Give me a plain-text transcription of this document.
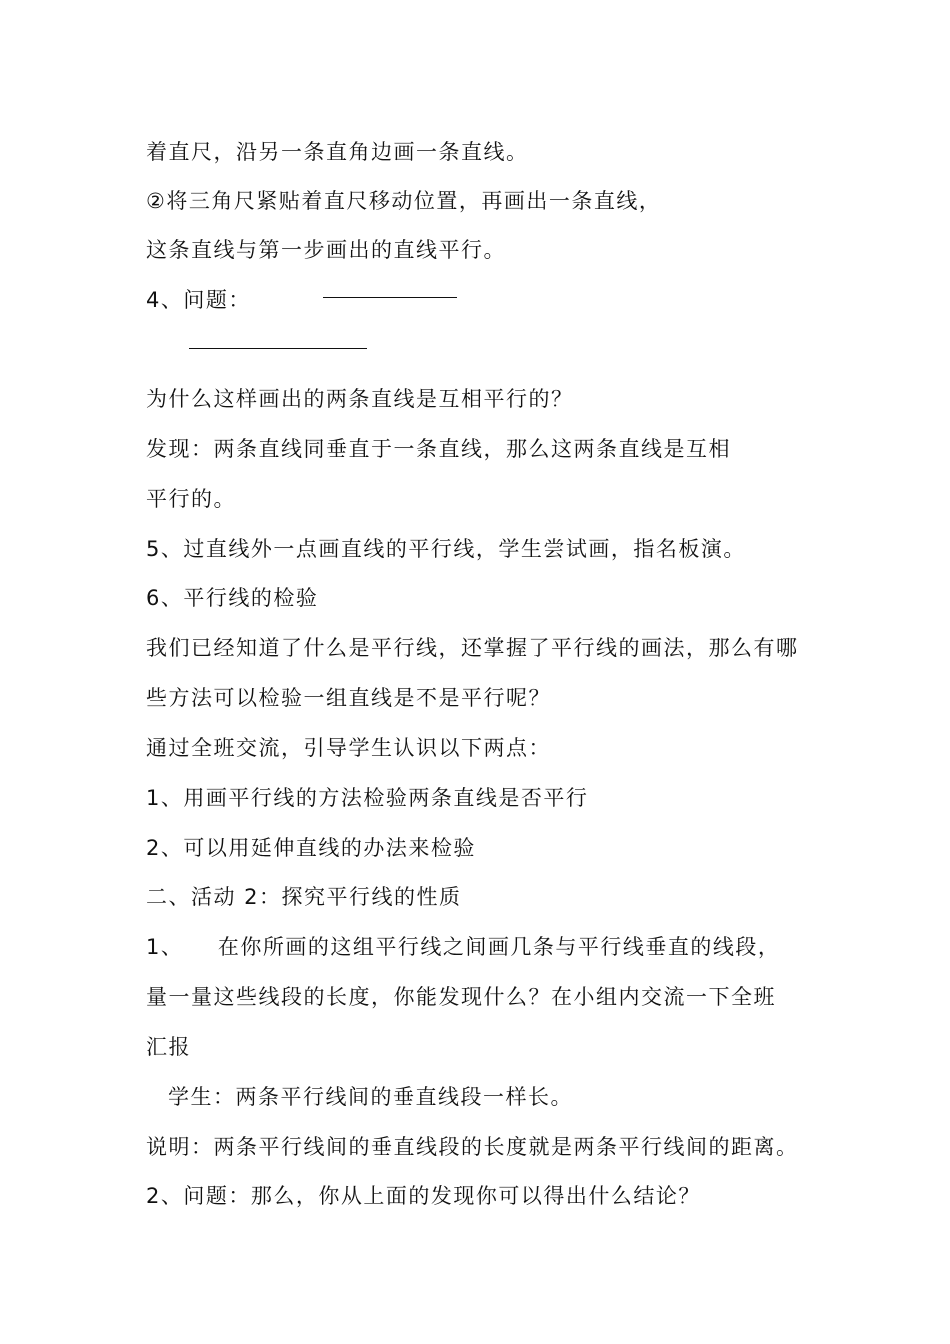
着直尺，沿另一条直角边画一条直线。
②将三角尺紧贴着直尺移动位置，再画出一条直线，
这条直线与第一步画出的直线平行。
4、问题：
为什么这样画出的两条直线是互相平行的？
发现：两条直线同垂直于一条直线，那么这两条直线是互相
平行的。
5、过直线外一点画直线的平行线，学生尝试画，指名板演。
6、平行线的检验
我们已经知道了什么是平行线，还掌握了平行线的画法，那么有哪
些方法可以检验一组直线是不是平行呢？
通过全班交流，引导学生认识以下两点：
1、用画平行线的方法检验两条直线是否平行
2、可以用延伸直线的办法来检验
二、活动 2：探究平行线的性质
1、　　在你所画的这组平行线之间画几条与平行线垂直的线段，
量一量这些线段的长度，你能发现什么？在小组内交流一下全班
汇报
学生：两条平行线间的垂直线段一样长。
说明：两条平行线间的垂直线段的长度就是两条平行线间的距离。
2、问题：那么，你从上面的发现你可以得出什么结论？
